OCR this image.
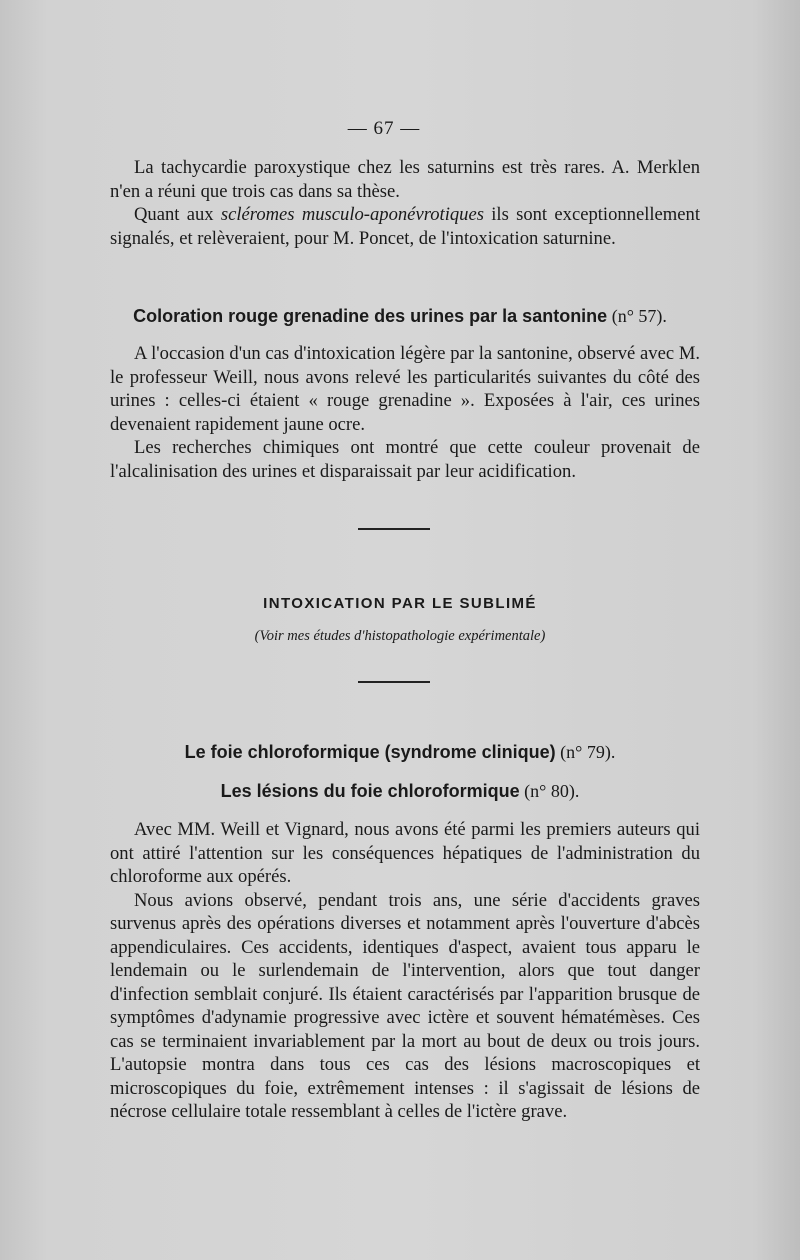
— 67 —

La tachycardie paroxystique chez les saturnins est très rares. A. Merklen n'en a réuni que trois cas dans sa thèse.

Quant aux scléromes musculo-aponévrotiques ils sont exceptionnellement signalés, et relèveraient, pour M. Poncet, de l'intoxication saturnine.

Coloration rouge grenadine des urines par la santonine (n° 57).

A l'occasion d'un cas d'intoxication légère par la santonine, observé avec M. le professeur Weill, nous avons relevé les particularités suivantes du côté des urines : celles-ci étaient « rouge grenadine ». Exposées à l'air, ces urines devenaient rapidement jaune ocre.

Les recherches chimiques ont montré que cette couleur provenait de l'alcalinisation des urines et disparaissait par leur acidification.

INTOXICATION PAR LE SUBLIMÉ
(Voir mes études d'histopathologie expérimentale)
Le foie chloroformique (syndrome clinique) (n° 79).
Les lésions du foie chloroformique (n° 80).

Avec MM. Weill et Vignard, nous avons été parmi les premiers auteurs qui ont attiré l'attention sur les conséquences hépatiques de l'administration du chloroforme aux opérés.

Nous avions observé, pendant trois ans, une série d'accidents graves survenus après des opérations diverses et notamment après l'ouverture d'abcès appendiculaires. Ces accidents, identiques d'aspect, avaient tous apparu le lendemain ou le surlendemain de l'intervention, alors que tout danger d'infection semblait conjuré. Ils étaient caractérisés par l'apparition brusque de symptômes d'adynamie progressive avec ictère et souvent hématémèses. Ces cas se terminaient invariablement par la mort au bout de deux ou trois jours. L'autopsie montra dans tous ces cas des lésions macroscopiques et microscopiques du foie, extrêmement intenses : il s'agissait de lésions de nécrose cellulaire totale ressemblant à celles de l'ictère grave.
